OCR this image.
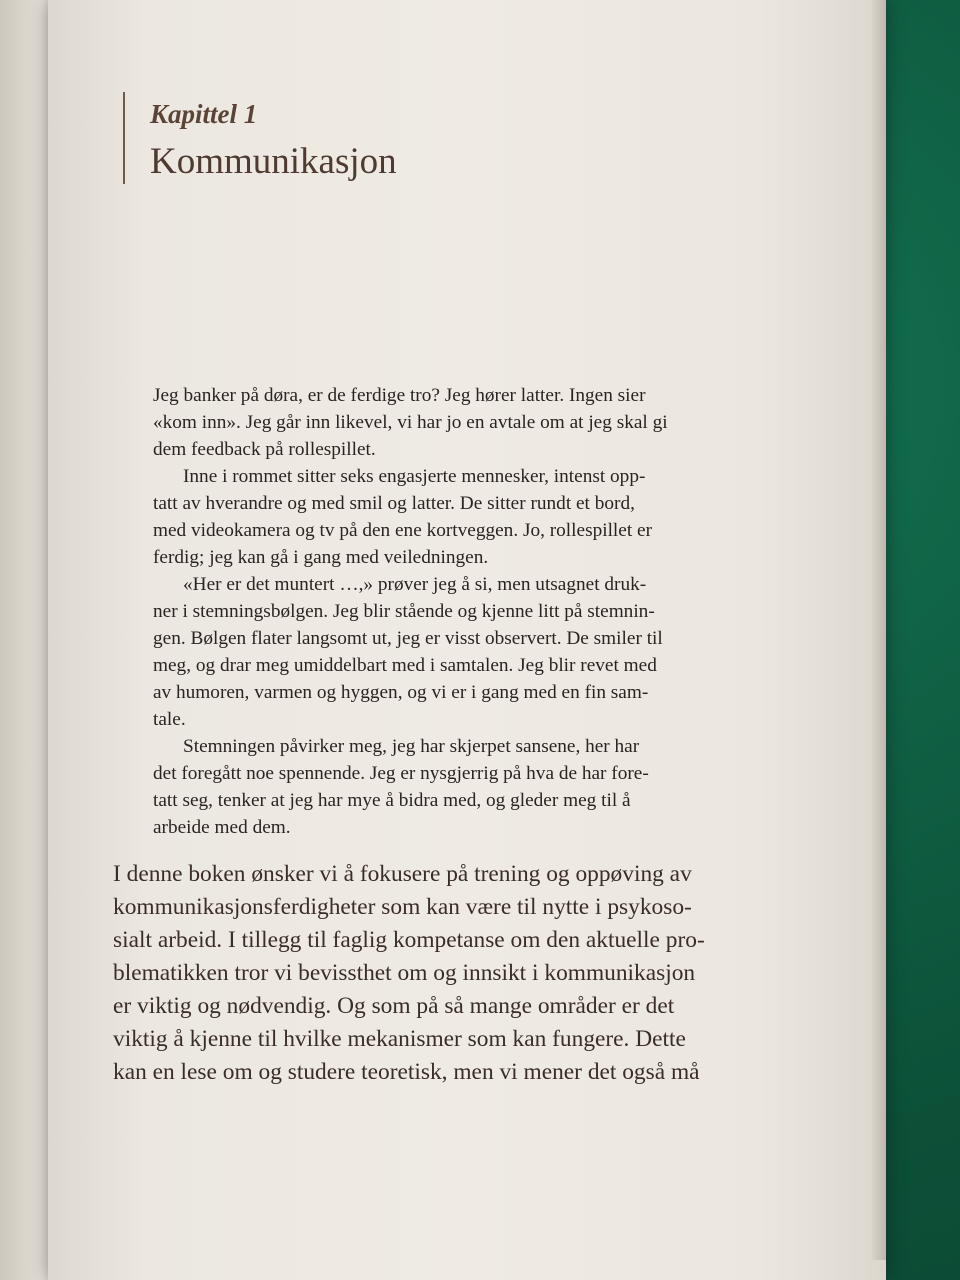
Kapittel 1
Kommunikasjon

Jeg banker på døra, er de ferdige tro? Jeg hører latter. Ingen sier
«kom inn». Jeg går inn likevel, vi har jo en avtale om at jeg skal gi
dem feedback på rollespillet.

Inne i rommet sitter seks engasjerte mennesker, intenst opp-
tatt av hverandre og med smil og latter. De sitter rundt et bord,
med videokamera og tv på den ene kortveggen. Jo, rollespillet er
ferdig; jeg kan gå i gang med veiledningen.

«Her er det muntert …,» prøver jeg å si, men utsagnet druk-
ner i stemningsbølgen. Jeg blir stående og kjenne litt på stemnin-
gen. Bølgen flater langsomt ut, jeg er visst observert. De smiler til
meg, og drar meg umiddelbart med i samtalen. Jeg blir revet med
av humoren, varmen og hyggen, og vi er i gang med en fin sam-
tale.

Stemningen påvirker meg, jeg har skjerpet sansene, her har
det foregått noe spennende. Jeg er nysgjerrig på hva de har fore-
tatt seg, tenker at jeg har mye å bidra med, og gleder meg til å
arbeide med dem.

I denne boken ønsker vi å fokusere på trening og oppøving av
kommunikasjonsferdigheter som kan være til nytte i psykoso-
sialt arbeid. I tillegg til faglig kompetanse om den aktuelle pro-
blematikken tror vi bevissthet om og innsikt i kommunikasjon
er viktig og nødvendig. Og som på så mange områder er det
viktig å kjenne til hvilke mekanismer som kan fungere. Dette
kan en lese om og studere teoretisk, men vi mener det også må
